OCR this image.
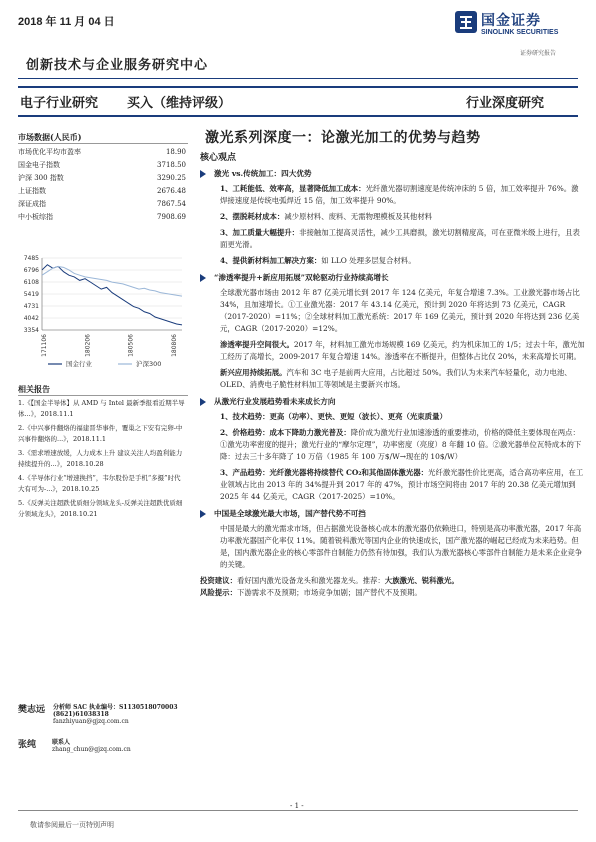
2018 年 11 月 04 日	国金证券
SINOLINK SECURITIES
证券研究报告
创新技术与企业服务研究中心
电子行业研究 买入（维持评级）	行业深度研究
市场数据(人民币)
市场优化平均市盈率	18.90
国金电子指数	3718.50
沪深 300 指数	3290.25
上证指数	2676.48
深证成指	7867.54
中小板综指	7908.69
7485
6796
6108
5419
4731
4042
3354
171106	180206	180506	180806
国金行业	沪深300
相关报告

1.《【国金半导体】从 AMD 与 Intel 最新季报看近期半导体...》，2018.11.1

2.《中兴事件翻烙的福建晋华事件，覆巢之下安有完卵-中兴事件翻烙的...》，2018.11.1

3.《需求增速放缓，人力成本上升 建议关注人均盈利能力持续提升的...》，2018.10.28

4.《半导体行业“增速换挡”，韦尔股份是手机“多摄”时代大有可为-...》，2018.10.25

5.《反弹关注超跌优质细分领域龙头-反弹关注超跌优质细分领域龙头》，2018.10.21

樊志远 分析师 SAC 执业编号：S1130518070003
(8621)61038318
fanzhiyuan@gjzq.com.cn
张纯	联系人
zhang_chun@gjzq.com.cn
激光系列深度一：论激光加工的优势与趋势
核心观点
激光 vs.传统加工：四大优势

1、工耗能低、效率高，显著降低加工成本：光纤激光器切割速度是传统冲床的 5 倍，加工效率提升 76%。激焊接速度是传统电弧焊近 15 倍，加工效率提升 90%。

2、摆脱耗材成本：减少原材料、废料、无需物理模板及其他材料

3、加工质量大幅提升：非接触加工提高灵活性，减少工具磨损，激光切割精度高，可在亚微米级上进行，且表面更光滑。

4、提供新材料加工解决方案：如 LLO 处理多层复合材料。

“渗透率提升+新应用拓展”双轮驱动行业持续高增长

全球激光器市场由 2012 年 87 亿美元增长到 2017 年 124 亿美元，年复合增速 7.3%。工业激光器市场占比 34%，且加速增长。①工业激光器：2017 年 43.14 亿美元，预计到 2020 年将达到 73 亿美元，CAGR（2017-2020）=11%；②全球材料加工激光系统：2017 年 169 亿美元，预计到 2020 年将达到 236 亿美元，CAGR（2017-2020）=12%。

渗透率提升空间很大。2017 年，材料加工激光市场规模 169 亿美元，约为机床加工的 1/5；过去十年，激光加工经历了高增长，2009-2017 年复合增速 14%。渗透率在不断提升，但整体占比仅 20%，未来高增长可期。

新兴应用持续拓展。汽车和 3C 电子是前两大应用，占比超过 50%。我们认为未来汽车轻量化，动力电池、OLED、消费电子脆性材料加工等领域是主要新兴市场。

从激光行业发展趋势看未来成长方向

1、技术趋势：更高（功率）、更快、更短（波长）、更亮（光束质量）

2、价格趋势：成本下降助力激光普及：降价成为激光行业加速渗透的重要推动，价格的降低主要体现在两点：①激光功率密度的提升；激光行业的“摩尔定理”，功率密度（亮度）8 年翻 10 倍。②激光器单位瓦特成本的下降：过去三十多年降了 10 万倍（1985 年 100 万$/W→现在的 10$/W）

3、产品趋势：光纤激光器将持续替代 CO₂和其他固体激光器：光纤激光器性价比更高，适合高功率应用，在工业领域占比由 2013 年的 34%提升到 2017 年的 47%，预计市场空间将由 2017 年的 20.38 亿美元增加到 2025 年 44 亿美元，CAGR（2017-2025）=10%。

中国是全球激光最大市场，国产替代势不可挡

中国是最大的激光需求市场，但占据激光设备核心成本的激光器仍依赖进口，特别是高功率激光器，2017 年高功率激光器国产化率仅 11%。随着锐科激光等国内企业的快速成长，国产激光器的崛起已经成为未来趋势。但是，国内激光器企业的核心零部件自制能力仍然有待加强，我们认为激光器核心零部件自制能力是未来企业竞争的关键。

投资建议：看好国内激光设备龙头和激光器龙头。推荐：大族激光、锐科激光。

风险提示：下游需求不及预期；市场竞争加剧；国产替代不及预期。

- 1 -
敬请参阅最后一页特别声明
